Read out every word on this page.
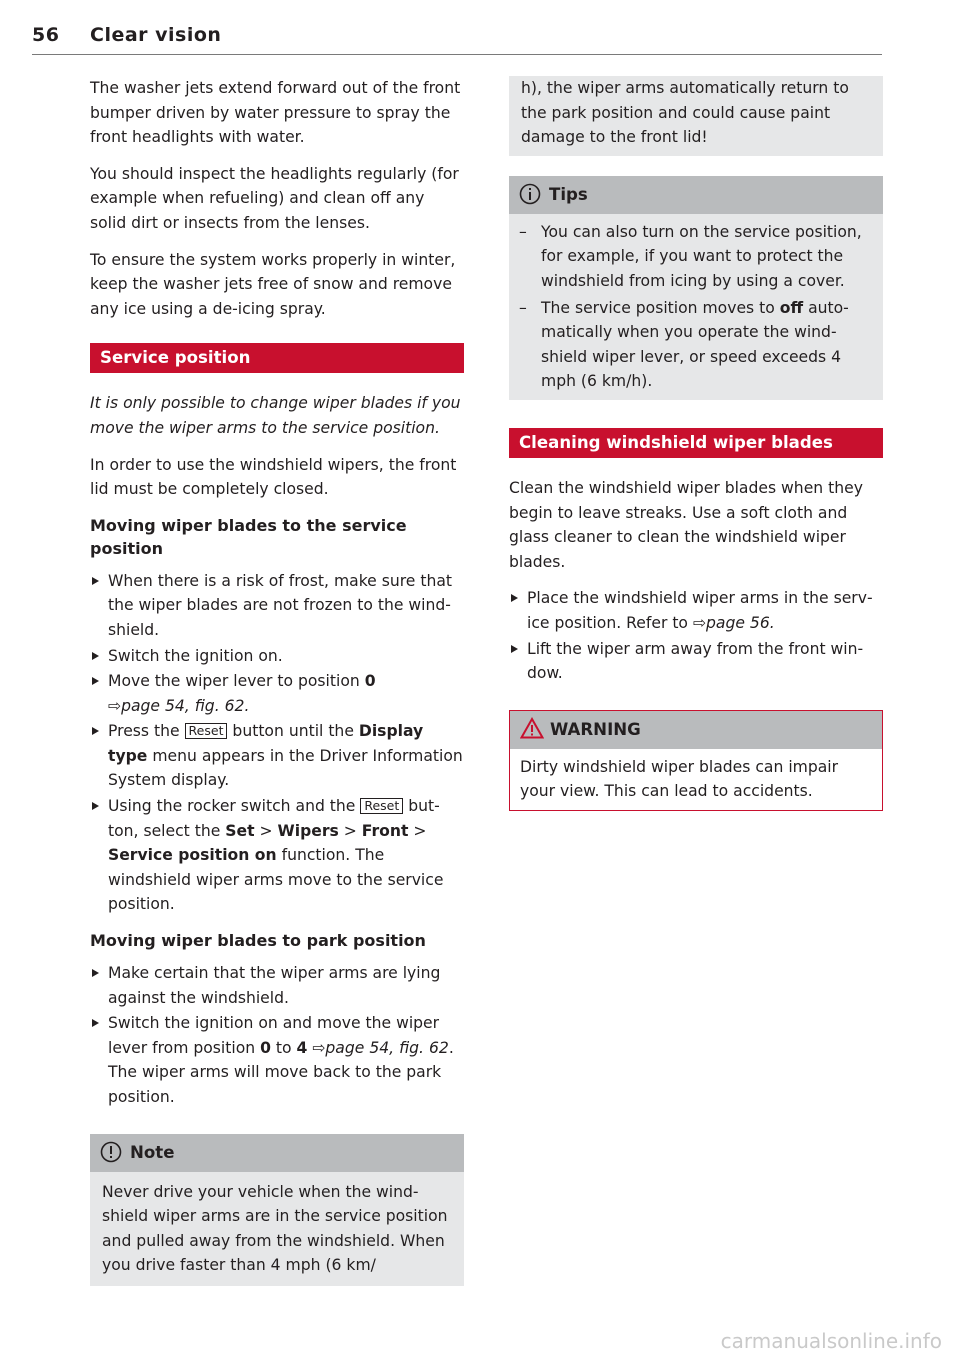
56 Clear vision

The washer jets extend forward out of the front bumper driven by water pressure to spray the front headlights with water.

You should inspect the headlights regularly (for example when refueling) and clean off any solid dirt or insects from the lenses.

To ensure the system works properly in winter, keep the washer jets free of snow and remove any ice using a de-icing spray.

Service position

It is only possible to change wiper blades if you move the wiper arms to the service position.

In order to use the windshield wipers, the front lid must be completely closed.

Moving wiper blades to the service position
When there is a risk of frost, make sure that the wiper blades are not frozen to the windshield.
Switch the ignition on.
Move the wiper lever to position 0
⇨page 54, fig. 62.
Press the Reset button until the Display type menu appears in the Driver Information System display.
Using the rocker switch and the Reset button, select the Set > Wipers > Front > Service position on function. The windshield wiper arms move to the service position.
Moving wiper blades to park position
Make certain that the wiper arms are lying against the windshield.
Switch the ignition on and move the wiper lever from position 0 to 4 ⇨page 54, fig. 62. The wiper arms will move back to the park position.
Note

Never drive your vehicle when the windshield wiper arms are in the service position and pulled away from the windshield. When you drive faster than 4 mph (6 km/

h), the wiper arms automatically return to the park position and could cause paint damage to the front lid!

Tips
– You can also turn on the service position, for example, if you want to protect the windshield from icing by using a cover.
– The service position moves to off automatically when you operate the windshield wiper lever, or speed exceeds 4 mph (6 km/h).
Cleaning windshield wiper blades

Clean the windshield wiper blades when they begin to leave streaks. Use a soft cloth and glass cleaner to clean the windshield wiper blades.

Place the windshield wiper arms in the service position. Refer to ⇨page 56.
Lift the wiper arm away from the front window.
WARNING

Dirty windshield wiper blades can impair your view. This can lead to accidents.

carmanualsonline.info
